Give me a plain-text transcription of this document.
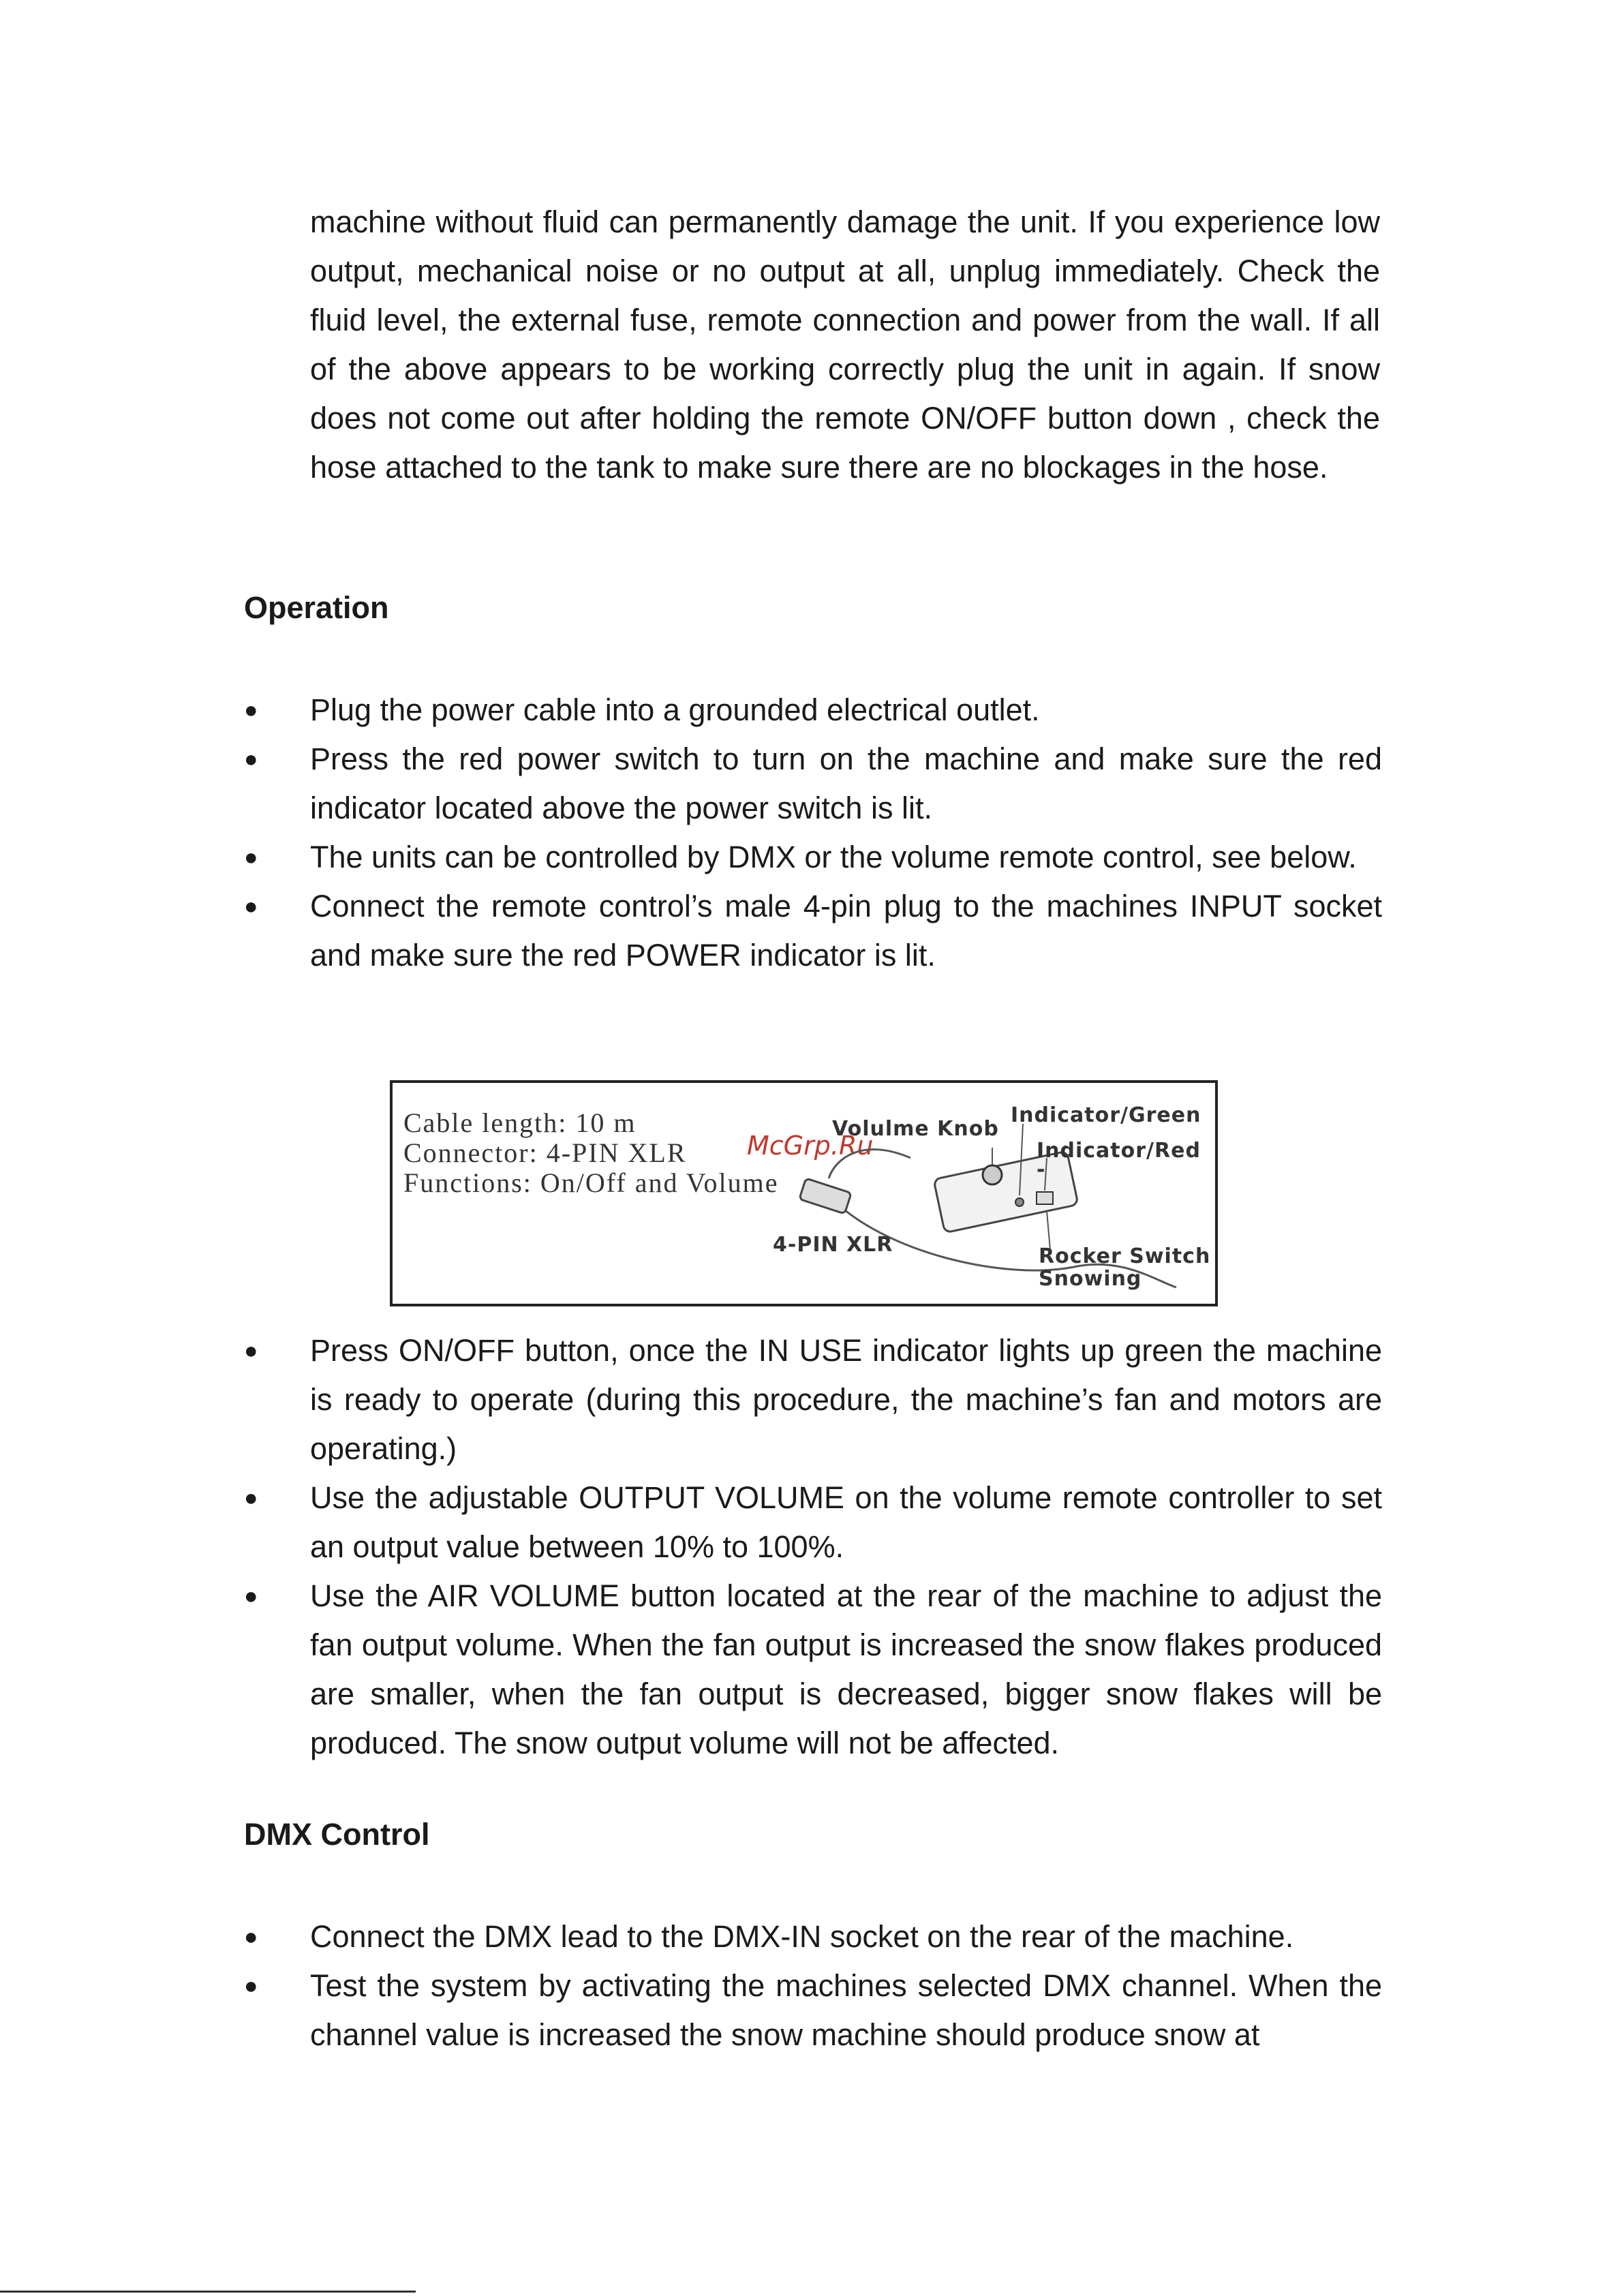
machine without fluid can permanently damage the unit. If you experience low output, mechanical noise or no output at all, unplug immediately. Check the fluid level, the external fuse, remote connection and power from the wall. If all of the above appears to be working correctly plug the unit in again. If snow does not come out after holding the remote ON/OFF button down , check the hose attached to the tank to make sure there are no blockages in the hose.

Operation
●	Plug the power cable into a grounded electrical outlet.
●	Press the red power switch to turn on the machine and make sure the red indicator located above the power switch is lit.
●	The units can be controlled by DMX or the volume remote control, see below.
●	Connect the remote control’s male 4-pin plug to the machines INPUT socket and make sure the red POWER indicator is lit.
Cable length: 10 m
Connector: 4-PIN XLR
Functions: On/Off and Volume
McGrp.Ru
Volulme Knob
Indicator/Green
Indicator/Red
-
4-PIN XLR	Rocker Switch
Snowing
●	Press ON/OFF button, once the IN USE indicator lights up green the machine is ready to operate (during this procedure, the machine’s fan and motors are operating.)
●	Use the adjustable OUTPUT VOLUME on the volume remote controller to set an output value between 10% to 100%.
●	Use the AIR VOLUME button located at the rear of the machine to adjust the fan output volume. When the fan output is increased the snow flakes produced are smaller, when the fan output is decreased, bigger snow flakes will be produced. The snow output volume will not be affected.
DMX Control
●	Connect the DMX lead to the DMX-IN socket on the rear of the machine.
●	Test the system by activating the machines selected DMX channel. When the channel value is increased the snow machine should produce snow at
